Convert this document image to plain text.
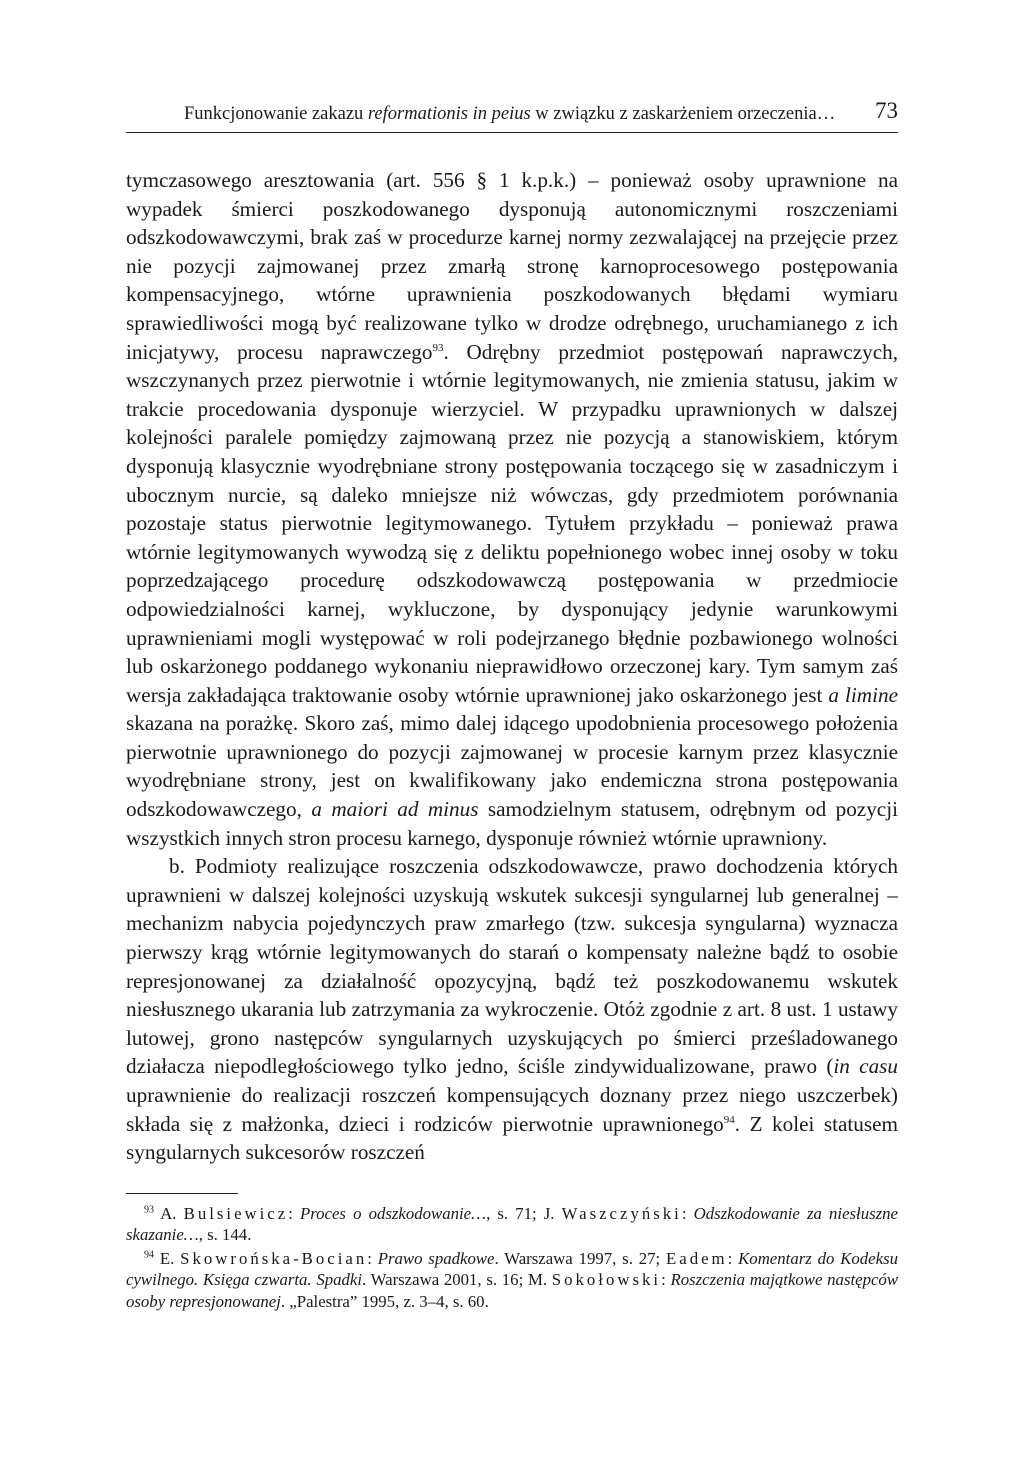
Funkcjonowanie zakazu reformationis in peius w związku z zaskarżeniem orzeczenia… 73

tymczasowego aresztowania (art. 556 § 1 k.p.k.) – ponieważ osoby uprawnione na wypadek śmierci poszkodowanego dysponują autonomicznymi roszczeniami odszkodowawczymi, brak zaś w procedurze karnej normy zezwalającej na przejęcie przez nie pozycji zajmowanej przez zmarłą stronę karnoprocesowego postępowania kompensacyjnego, wtórne uprawnienia poszkodowanych błędami wymiaru sprawiedliwości mogą być realizowane tylko w drodze odrębnego, uruchamianego z ich inicjatywy, procesu naprawczego$^{93}$. Odrębny przedmiot postępowań naprawczych, wszczynanych przez pierwotnie i wtórnie legitymowanych, nie zmienia statusu, jakim w trakcie procedowania dysponuje wierzyciel. W przypadku uprawnionych w dalszej kolejności paralele pomiędzy zajmowaną przez nie pozycją a stanowiskiem, którym dysponują klasycznie wyodrębniane strony postępowania toczącego się w zasadniczym i ubocznym nurcie, są daleko mniejsze niż wówczas, gdy przedmiotem porównania pozostaje status pierwotnie legitymowanego. Tytułem przykładu – ponieważ prawa wtórnie legitymowanych wywodzą się z deliktu popełnionego wobec innej osoby w toku poprzedzającego procedurę odszkodowawczą postępowania w przedmiocie odpowiedzialności karnej, wykluczone, by dysponujący jedynie warunkowymi uprawnieniami mogli występować w roli podejrzanego błędnie pozbawionego wolności lub oskarżonego poddanego wykonaniu nieprawidłowo orzeczonej kary. Tym samym zaś wersja zakładająca traktowanie osoby wtórnie uprawnionej jako oskarżonego jest a limine skazana na porażkę. Skoro zaś, mimo dalej idącego upodobnienia procesowego położenia pierwotnie uprawnionego do pozycji zajmowanej w procesie karnym przez klasycznie wyodrębniane strony, jest on kwalifikowany jako endemiczna strona postępowania odszkodowawczego, a maiori ad minus samodzielnym statusem, odrębnym od pozycji wszystkich innych stron procesu karnego, dysponuje również wtórnie uprawniony.

b. Podmioty realizujące roszczenia odszkodowawcze, prawo dochodzenia których uprawnieni w dalszej kolejności uzyskują wskutek sukcesji syngularnej lub generalnej – mechanizm nabycia pojedynczych praw zmarłego (tzw. sukcesja syngularna) wyznacza pierwszy krąg wtórnie legitymowanych do starań o kompensaty należne bądź to osobie represjonowanej za działalność opozycyjną, bądź też poszkodowanemu wskutek niesłusznego ukarania lub zatrzymania za wykroczenie. Otóż zgodnie z art. 8 ust. 1 ustawy lutowej, grono następców syngularnych uzyskujących po śmierci prześladowanego działacza niepodległościowego tylko jedno, ściśle zindywidualizowane, prawo (in casu uprawnienie do realizacji roszczeń kompensujących doznany przez niego uszczerbek) składa się z małżonka, dzieci i rodziców pierwotnie uprawnionego$^{94}$. Z kolei statusem syngularnych sukcesorów roszczeń

$^{93}$ A. Bulsiewicz: Proces o odszkodowanie…, s. 71; J. Waszczyński: Odszkodowanie za niesłuszne skazanie…, s. 144.

$^{94}$ E. Skowrońska-Bocian: Prawo spadkowe. Warszawa 1997, s. 27; Eadem: Komentarz do Kodeksu cywilnego. Księga czwarta. Spadki. Warszawa 2001, s. 16; M. Sokołowski: Roszczenia majątkowe następców osoby represjonowanej. „Palestra” 1995, z. 3–4, s. 60.
